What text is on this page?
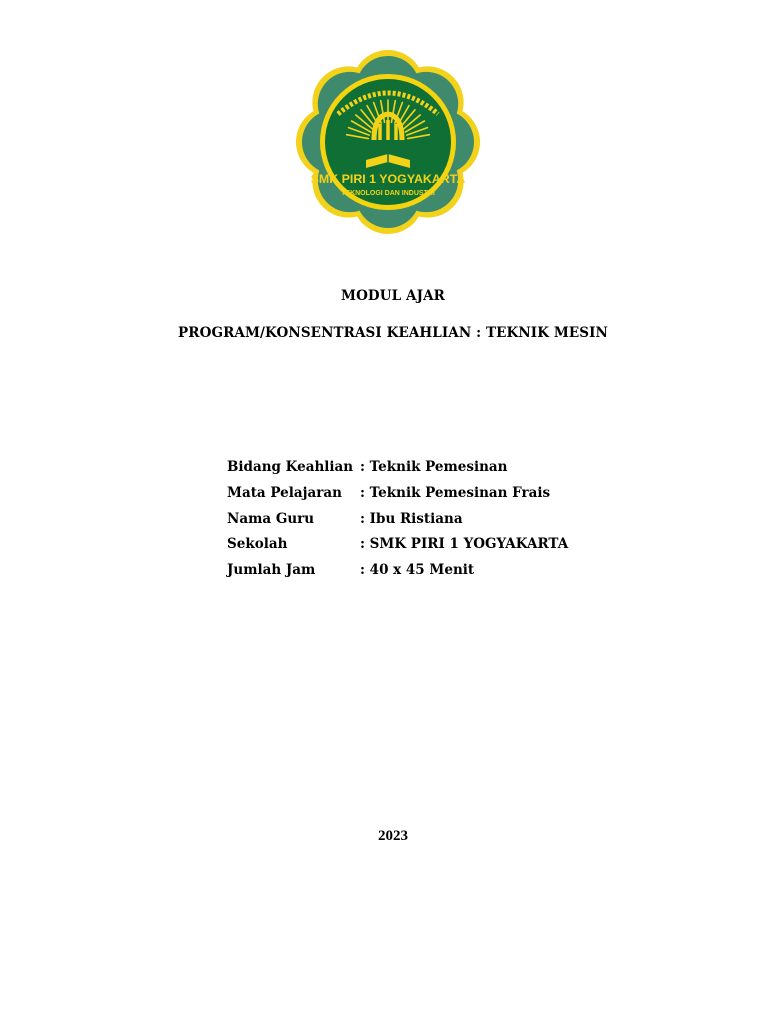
SMK PIRI 1 YOGYAKARTA
TEKNOLOGI DAN INDUSTRI
MODUL AJAR
PROGRAM/KONSENTRASI KEAHLIAN : TEKNIK MESIN
Bidang Keahlian	: Teknik Pemesinan
Mata Pelajaran	: Teknik Pemesinan Frais
Nama Guru	: Ibu Ristiana
Sekolah	: SMK PIRI 1 YOGYAKARTA
Jumlah Jam	: 40 x 45 Menit
2023
